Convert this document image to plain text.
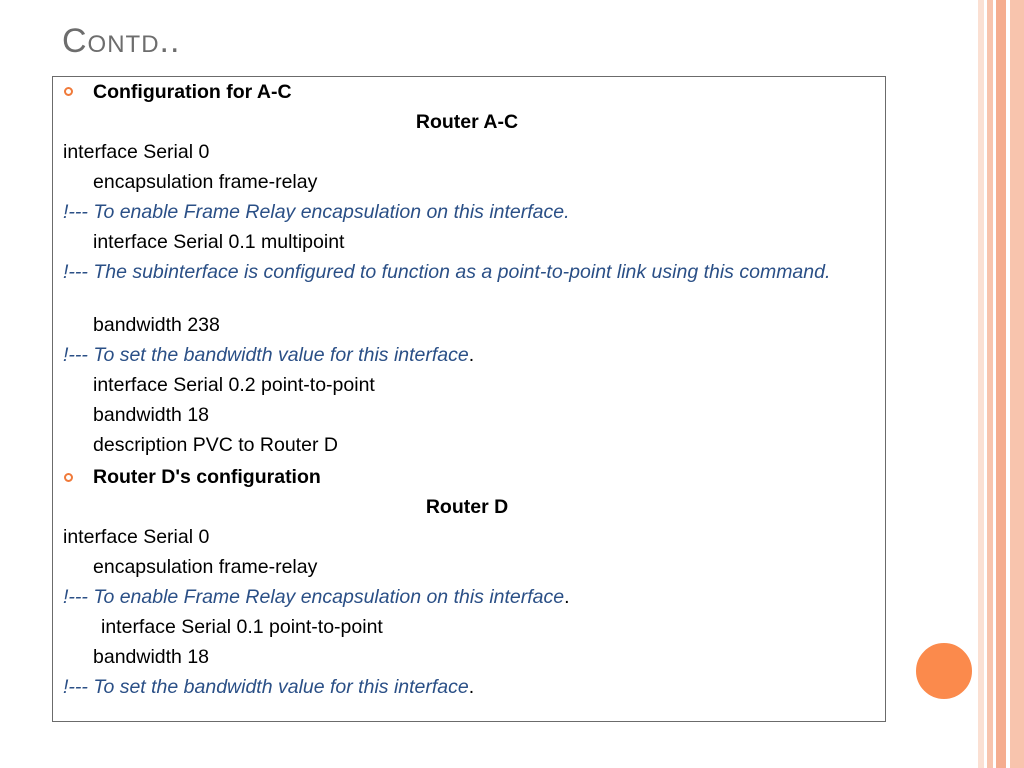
Contd..
Configuration for A-C
Router A-C
interface Serial 0
encapsulation frame-relay
!--- To enable Frame Relay encapsulation on this interface.
interface Serial 0.1 multipoint
!--- The subinterface is configured to function as a point-to-point link using this command.
bandwidth 238
!--- To set the bandwidth value for this interface.
interface Serial 0.2 point-to-point
bandwidth 18
description PVC to Router D
Router D's configuration
Router D
interface Serial 0
encapsulation frame-relay
!--- To enable Frame Relay encapsulation on this interface.
interface Serial 0.1 point-to-point
bandwidth 18
!--- To set the bandwidth value for this interface.
